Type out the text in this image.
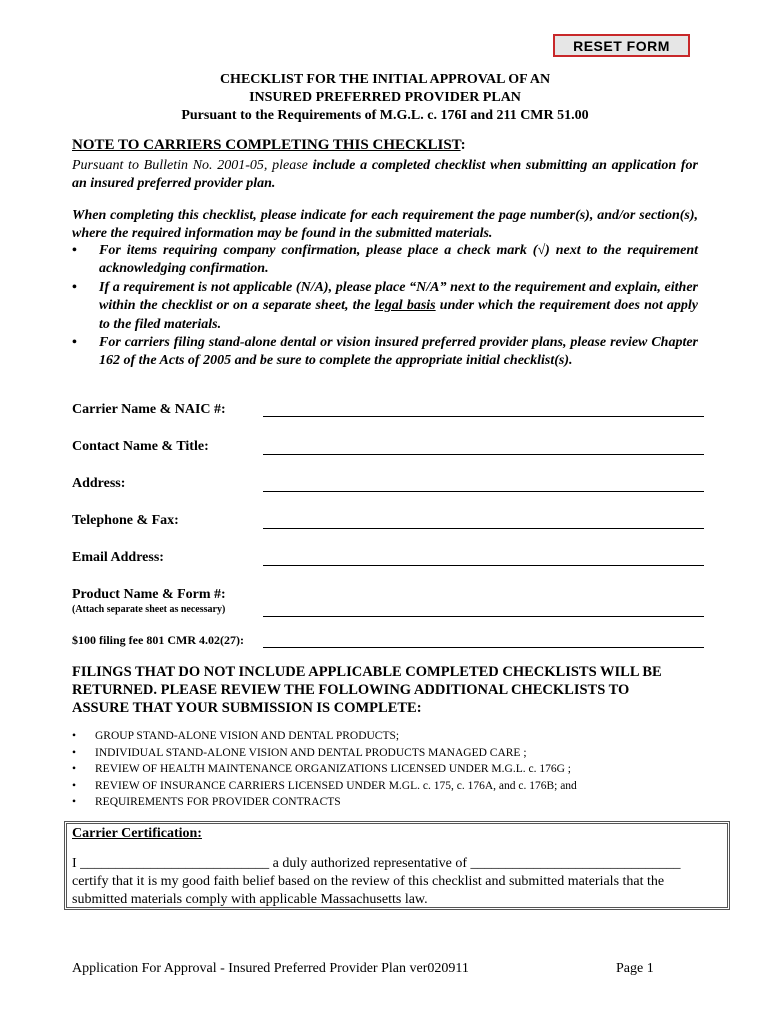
RESET FORM
CHECKLIST FOR THE INITIAL APPROVAL OF AN
INSURED PREFERRED PROVIDER PLAN
Pursuant to the Requirements of M.G.L. c. 176I and 211 CMR 51.00
NOTE TO CARRIERS COMPLETING THIS CHECKLIST:
Pursuant to Bulletin No. 2001-05, please include a completed checklist when submitting an application for an insured preferred provider plan.
When completing this checklist, please indicate for each requirement the page number(s), and/or section(s), where the required information may be found in the submitted materials.
• For items requiring company confirmation, please place a check mark (√) next to the requirement acknowledging confirmation.
• If a requirement is not applicable (N/A), please place “N/A” next to the requirement and explain, either within the checklist or on a separate sheet, the legal basis under which the requirement does not apply to the filed materials.
• For carriers filing stand-alone dental or vision insured preferred provider plans, please review Chapter 162 of the Acts of 2005 and be sure to complete the appropriate initial checklist(s).
Carrier Name & NAIC #:
Contact Name & Title:
Address:
Telephone & Fax:
Email Address:
Product Name & Form #:
(Attach separate sheet as necessary)
$100 filing fee 801 CMR 4.02(27):
FILINGS THAT DO NOT INCLUDE APPLICABLE COMPLETED CHECKLISTS WILL BE
RETURNED. PLEASE REVIEW THE FOLLOWING ADDITIONAL CHECKLISTS TO
ASSURE THAT YOUR SUBMISSION IS COMPLETE:
• GROUP STAND-ALONE VISION AND DENTAL PRODUCTS;
• INDIVIDUAL STAND-ALONE VISION AND DENTAL PRODUCTS MANAGED CARE ;
• REVIEW OF HEALTH MAINTENANCE ORGANIZATIONS LICENSED UNDER M.G.L. c. 176G ;
• REVIEW OF INSURANCE CARRIERS LICENSED UNDER M.GL. c. 175, c. 176A, and c. 176B; and
• REQUIREMENTS FOR PROVIDER CONTRACTS
Carrier Certification:
I ___________________________ a duly authorized representative of ______________________________
certify that it is my good faith belief based on the review of this checklist and submitted materials that the
submitted materials comply with applicable Massachusetts law.
Application For Approval - Insured Preferred Provider Plan ver020911	Page 1
